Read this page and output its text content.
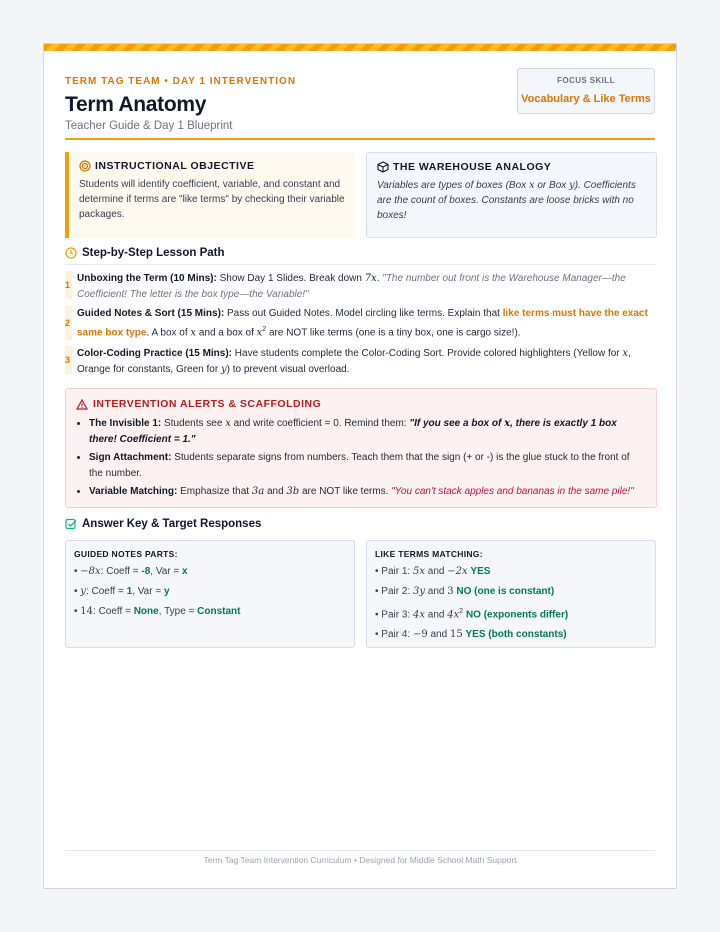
TERM TAG TEAM • DAY 1 INTERVENTION
Term Anatomy
Teacher Guide & Day 1 Blueprint
FOCUS SKILL
Vocabulary & Like Terms
INSTRUCTIONAL OBJECTIVE
Students will identify coefficient, variable, and constant and determine if terms are "like terms" by checking their variable packages.
THE WAREHOUSE ANALOGY
Variables are types of boxes (Box x or Box y). Coefficients are the count of boxes. Constants are loose bricks with no boxes!
Step-by-Step Lesson Path
1
Unboxing the Term (10 Mins): Show Day 1 Slides. Break down 7x. "The number out front is the Warehouse Manager—the Coefficient! The letter is the box type—the Variable!"
2
Guided Notes & Sort (15 Mins): Pass out Guided Notes. Model circling like terms. Explain that like terms must have the exact same box type. A box of x and a box of $x^2$ are NOT like terms (one is a tiny box, one is cargo size!).
3
Color-Coding Practice (15 Mins): Have students complete the Color-Coding Sort. Provide colored highlighters (Yellow for x, Orange for constants, Green for y) to prevent visual overload.
INTERVENTION ALERTS & SCAFFOLDING
• The Invisible 1: Students see x and write coefficient = 0. Remind them: "If you see a box of x, there is exactly 1 box there! Coefficient = 1."
• Sign Attachment: Students separate signs from numbers. Teach them that the sign (+ or -) is the glue stuck to the front of the number.
• Variable Matching: Emphasize that 3a and 3b are NOT like terms. "You can't stack apples and bananas in the same pile!"
Answer Key & Target Responses
GUIDED NOTES PARTS:
• −8x: Coeff = -8, Var = x
• y: Coeff = 1, Var = y
• 14: Coeff = None, Type = Constant
LIKE TERMS MATCHING:
• Pair 1: 5x and −2x YES
• Pair 2: 3y and 3 NO (one is constant)
• Pair 3: 4x and $4x^2$ NO (exponents differ)
• Pair 4: −9 and 15 YES (both constants)
Term Tag Team Intervention Curriculum • Designed for Middle School Math Support
